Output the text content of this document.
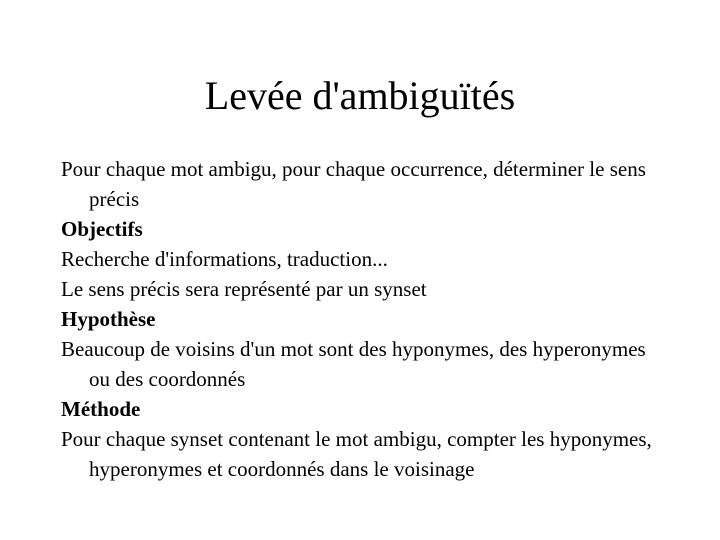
Levée d'ambiguïtés

Pour chaque mot ambigu, pour chaque occurrence, déterminer le sens précis

Objectifs

Recherche d'informations, traduction...

Le sens précis sera représenté par un synset

Hypothèse

Beaucoup de voisins d'un mot sont des hyponymes, des hyperonymes ou des coordonnés

Méthode

Pour chaque synset contenant le mot ambigu, compter les hyponymes, hyperonymes et coordonnés dans le voisinage
